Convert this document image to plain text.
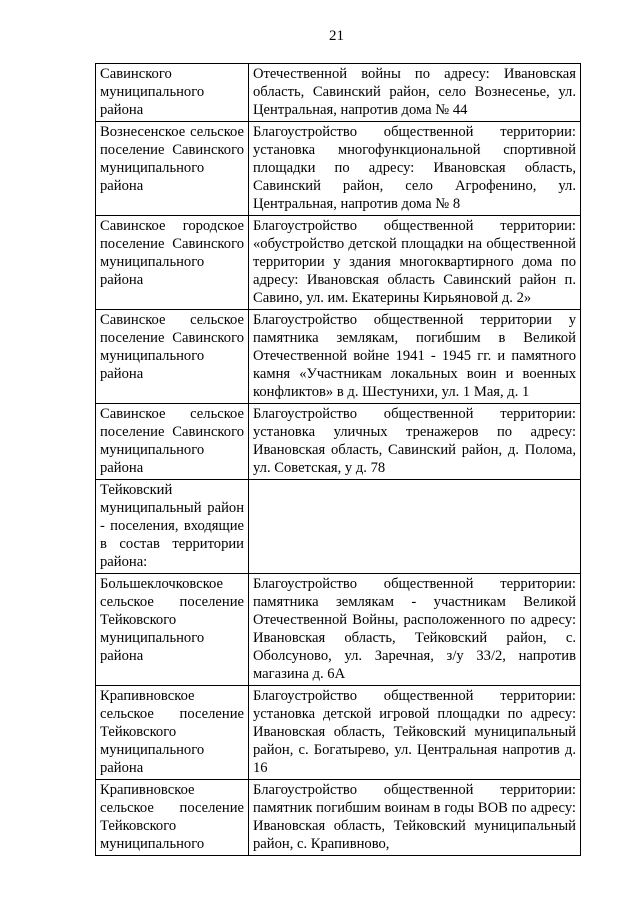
21
Савинского муниципального района	Отечественной войны по адресу: Ивановская область, Савинский район, село Вознесенье, ул. Центральная, напротив дома № 44
Вознесенское сельское поселение Савинского муниципального района	Благоустройство общественной территории: установка многофункциональной спортивной площадки по адресу: Ивановская область, Савинский район, село Агрофенино, ул. Центральная, напротив дома № 8
Савинское городское поселение Савинского муниципального района	Благоустройство общественной территории: «обустройство детской площадки на общественной территории у здания многоквартирного дома по адресу: Ивановская область Савинский район п. Савино, ул. им. Екатерины Кирьяновой д. 2»
Савинское сельское поселение Савинского муниципального района	Благоустройство общественной территории у памятника землякам, погибшим в Великой Отечественной войне 1941 - 1945 гг. и памятного камня «Участникам локальных воин и военных конфликтов» в д. Шестунихи, ул. 1 Мая, д. 1
Савинское сельское поселение Савинского муниципального района	Благоустройство общественной территории: установка уличных тренажеров по адресу: Ивановская область, Савинский район, д. Полома, ул. Советская, у д. 78
Тейковский муниципальный район - поселения, входящие в состав территории района:	
Большеклочковское сельское поселение Тейковского муниципального района	Благоустройство общественной территории: памятника землякам - участникам Великой Отечественной Войны, расположенного по адресу: Ивановская область, Тейковский район, с. Оболсуново, ул. Заречная, з/у 33/2, напротив магазина д. 6А
Крапивновское сельское поселение Тейковского муниципального района	Благоустройство общественной территории: установка детской игровой площадки по адресу: Ивановская область, Тейковский муниципальный район, с. Богатырево, ул. Центральная напротив д. 16
Крапивновское сельское поселение Тейковского муниципального	Благоустройство общественной территории: памятник погибшим воинам в годы ВОВ по адресу: Ивановская область, Тейковский муниципальный район, с. Крапивново,
